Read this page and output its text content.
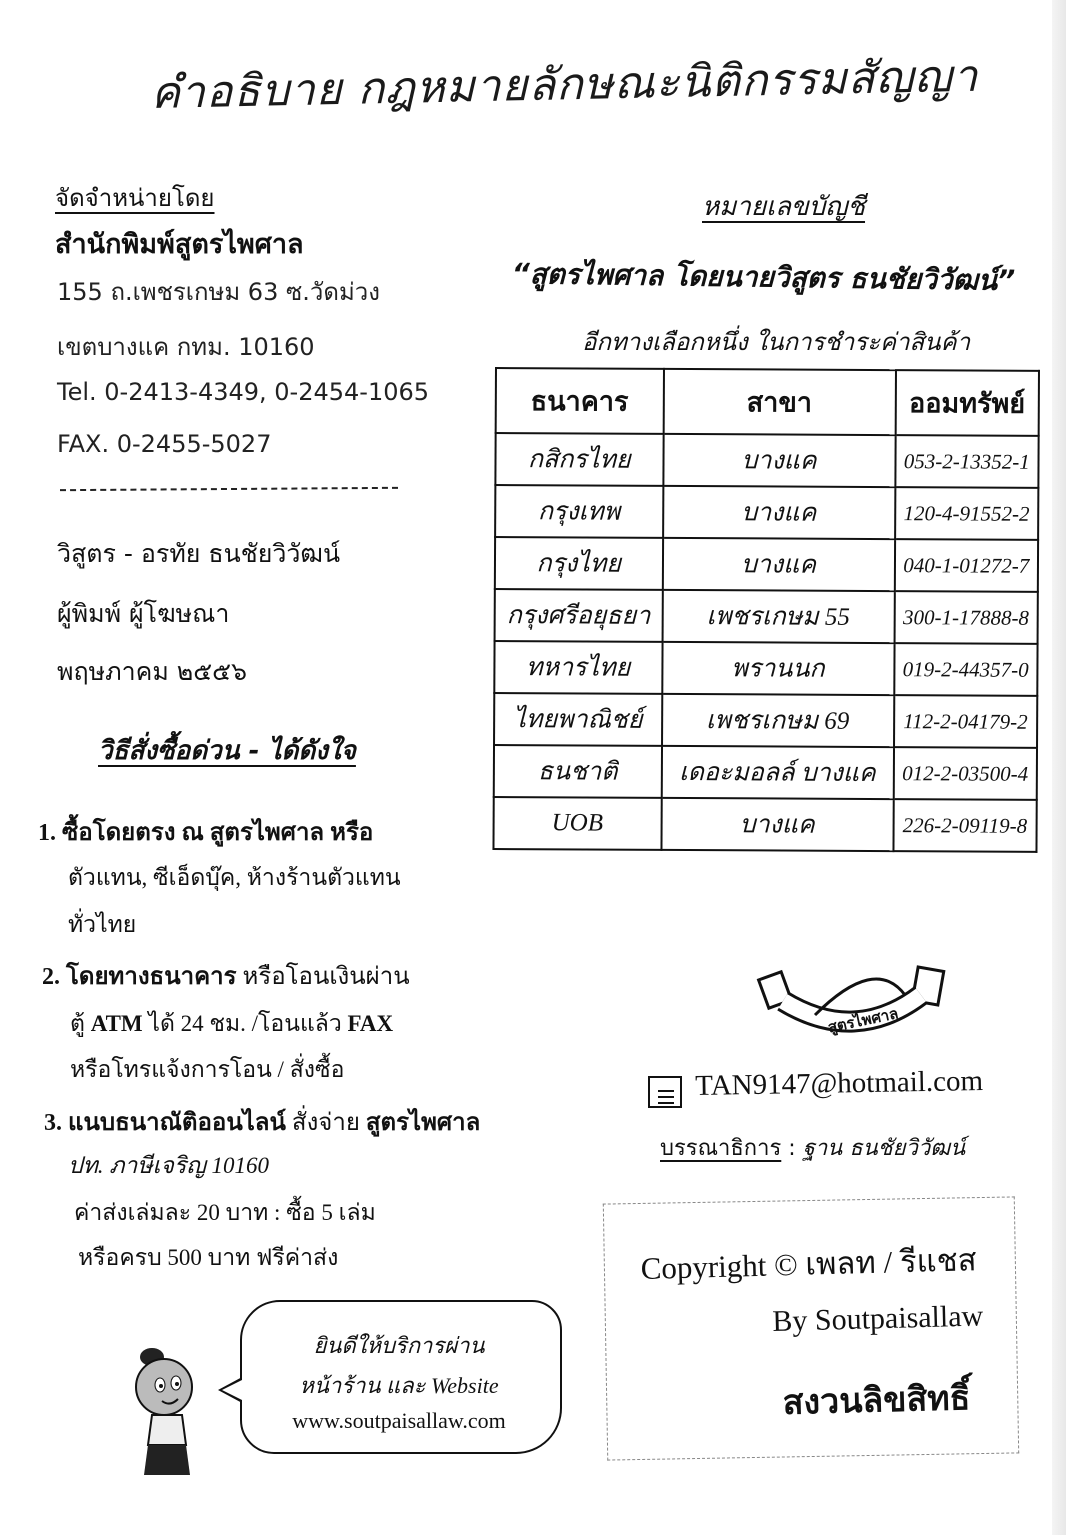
คำอธิบาย กฎหมายลักษณะนิติกรรมสัญญา
จัดจำหน่ายโดย
สำนักพิมพ์สูตรไพศาล
155 ถ.เพชรเกษม 63 ซ.วัดม่วง
เขตบางแค กทม. 10160
Tel. 0-2413-4349, 0-2454-1065
FAX. 0-2455-5027
วิสูตร - อรทัย ธนชัยวิวัฒน์
ผู้พิมพ์ ผู้โฆษณา
พฤษภาคม ๒๕๕๖
วิธีสั่งซื้อด่วน - ได้ดังใจ
1. ซื้อโดยตรง ณ สูตรไพศาล หรือ
ตัวแทน, ซีเอ็ดบุ๊ค, ห้างร้านตัวแทน
ทั่วไทย
2. โดยทางธนาคาร หรือโอนเงินผ่าน
ตู้ ATM ได้ 24 ชม. /โอนแล้ว FAX
หรือโทรแจ้งการโอน / สั่งซื้อ
3. แนบธนาณัติออนไลน์ สั่งจ่าย สูตรไพศาล
ปท. ภาษีเจริญ 10160
ค่าส่งเล่มละ 20 บาท : ซื้อ 5 เล่ม
หรือครบ 500 บาท ฟรีค่าส่ง
ยินดีให้บริการผ่าน
หน้าร้าน และ Website
www.soutpaisallaw.com
หมายเลขบัญชี
“สูตรไพศาล โดยนายวิสูตร ธนชัยวิวัฒน์”
อีกทางเลือกหนึ่ง ในการชำระค่าสินค้า
ธนาคาร	สาขา	ออมทรัพย์
กสิกรไทย	บางแค	053-2-13352-1
กรุงเทพ	บางแค	120-4-91552-2
กรุงไทย	บางแค	040-1-01272-7
กรุงศรีอยุธยา	เพชรเกษม 55	300-1-17888-8
ทหารไทย	พรานนก	019-2-44357-0
ไทยพาณิชย์	เพชรเกษม 69	112-2-04179-2
ธนชาติ	เดอะมอลล์ บางแค	012-2-03500-4
UOB	บางแค	226-2-09119-8
สูตรไพศาล
TAN9147@hotmail.com
บรรณาธิการ : ฐาน ธนชัยวิวัฒน์
Copyright © เพลท / รีแชส
By Soutpaisallaw
สงวนลิขสิทธิ์
